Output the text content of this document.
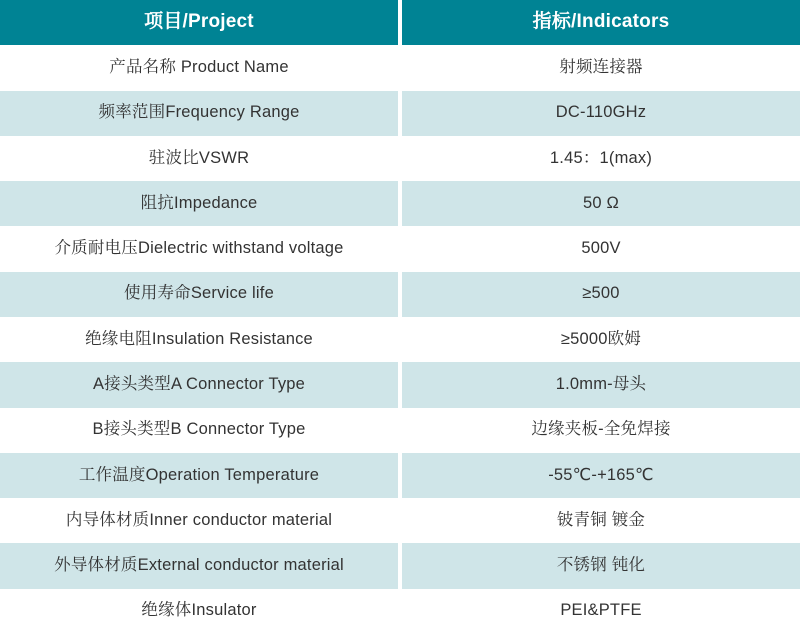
项目/Project	指标/Indicators
产品名称 Product Name	射频连接器
频率范围Frequency Range	DC-110GHz
驻波比VSWR	1.45：1(max)
阻抗Impedance	50 Ω
介质耐电压Dielectric withstand voltage	500V
使用寿命Service life	≥500
绝缘电阻Insulation Resistance	≥5000欧姆
A接头类型A Connector Type	1.0mm-母头
B接头类型B Connector Type	边缘夹板-全免焊接
工作温度Operation Temperature	-55℃-+165℃
内导体材质Inner conductor material	铍青铜 镀金
外导体材质External conductor material	不锈钢 钝化
绝缘体Insulator	PEI&PTFE
